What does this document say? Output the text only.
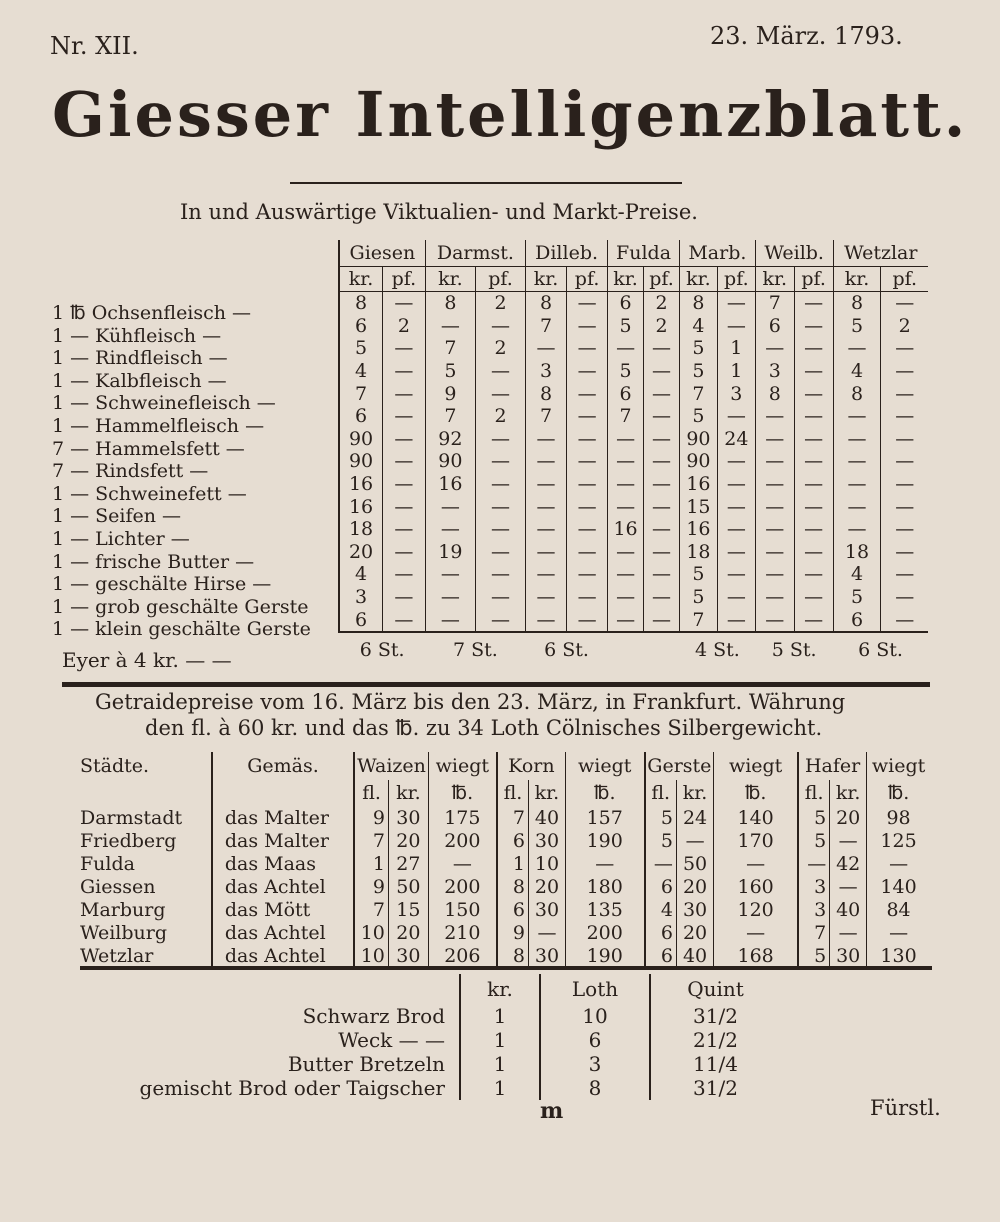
Nr. XII.	23. März. 1793.
Giesser Intelligenzblatt.
In und Auswärtige Viktualien- und Markt-Preise.
1 ℔ Ochsenfleisch —
1 — Kühfleisch —
1 — Rindfleisch —
1 — Kalbfleisch —
1 — Schweinefleisch —
1 — Hammelfleisch —
7 — Hammelsfett —
7 — Rindsfett —
1 — Schweinefett —
1 — Seifen —
1 — Lichter —
1 — frische Butter —
1 — geschälte Hirse —
1 — grob geschälte Gerste
1 — klein geschälte Gerste
Eyer à 4 kr. — —
Giesen		Darmst.		Dilleb.		Fulda		Marb.		Weilb.		Wetzlar	
kr.	pf.	kr.	pf.	kr.	pf.	kr.	pf.	kr.	pf.	kr.	pf.	kr.	pf.
8	—	8	2	8	—	6	2	8	—	7	—	8	—
6	2	—	—	7	—	5	2	4	—	6	—	5	2
5	—	7	2	—	—	—	—	5	1	—	—	—	—
4	—	5	—	3	—	5	—	5	1	3	—	4	—
7	—	9	—	8	—	6	—	7	3	8	—	8	—
6	—	7	2	7	—	7	—	5	—	—	—	—	—
90	—	92	—	—	—	—	—	90	24	—	—	—	—
90	—	90	—	—	—	—	—	90	—	—	—	—	—
16	—	16	—	—	—	—	—	16	—	—	—	—	—
16	—	—	—	—	—	—	—	15	—	—	—	—	—
18	—	—	—	—	—	16	—	16	—	—	—	—	—
20	—	19	—	—	—	—	—	18	—	—	—	18	—
4	—	—	—	—	—	—	—	5	—	—	—	4	—
3	—	—	—	—	—	—	—	5	—	—	—	5	—
6	—	—	—	—	—	—	—	7	—	—	—	6	—
6 St.		7 St.		6 St.				4 St.		5 St.		6 St.	
Getraidepreise vom 16. März bis den 23. März, in Frankfurt. Währung
den fl. à 60 kr. und das ℔. zu 34 Loth Cölnisches Silbergewicht.
Städte.	Gemäs.	Waizen		wiegt	Korn		wiegt	Gerste		wiegt	Hafer		wiegt
		fl.	kr.	℔.	fl.	kr.	℔.	fl.	kr.	℔.	fl.	kr.	℔.
Darmstadt	das Malter	9	30	175	7	40	157	5	24	140	5	20	98
Friedberg	das Malter	7	20	200	6	30	190	5	—	170	5	—	125
Fulda	das Maas	1	27	—	1	10	—	—	50	—	—	42	—
Giessen	das Achtel	9	50	200	8	20	180	6	20	160	3	—	140
Marburg	das Mött	7	15	150	6	30	135	4	30	120	3	40	84
Weilburg	das Achtel	10	20	210	9	—	200	6	20	—	7	—	—
Wetzlar	das Achtel	10	30	206	8	30	190	6	40	168	5	30	130
	kr.	Loth	Quint
Schwarz Brod	1	10	31/2
Weck — —	1	6	21/2
Butter Bretzeln	1	3	11/4
gemischt Brod oder Taigscher	1	8	31/2
m	Fürstl.
